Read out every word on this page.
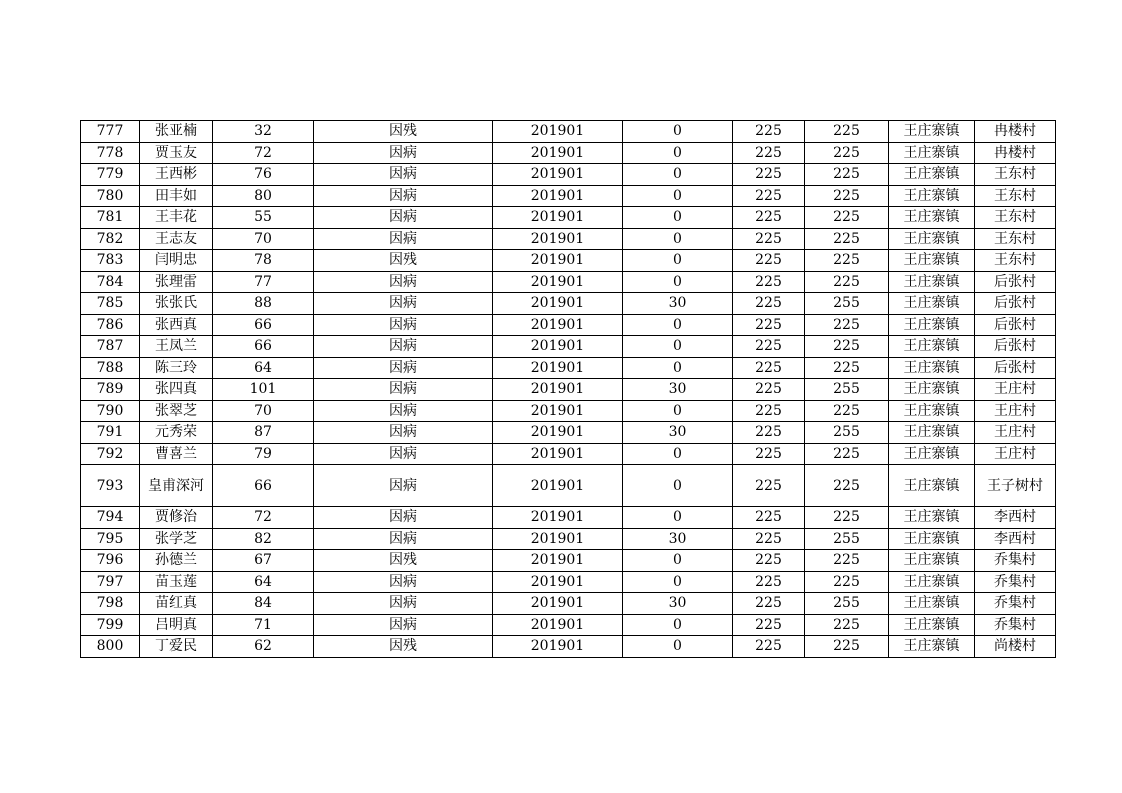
777	张亚楠	32	因残	201901	0	225	225	王庄寨镇	冉楼村
778	贾玉友	72	因病	201901	0	225	225	王庄寨镇	冉楼村
779	王西彬	76	因病	201901	0	225	225	王庄寨镇	王东村
780	田丰如	80	因病	201901	0	225	225	王庄寨镇	王东村
781	王丰花	55	因病	201901	0	225	225	王庄寨镇	王东村
782	王志友	70	因病	201901	0	225	225	王庄寨镇	王东村
783	闫明忠	78	因残	201901	0	225	225	王庄寨镇	王东村
784	张理雷	77	因病	201901	0	225	225	王庄寨镇	后张村
785	张张氏	88	因病	201901	30	225	255	王庄寨镇	后张村
786	张西真	66	因病	201901	0	225	225	王庄寨镇	后张村
787	王凤兰	66	因病	201901	0	225	225	王庄寨镇	后张村
788	陈三玲	64	因病	201901	0	225	225	王庄寨镇	后张村
789	张四真	101	因病	201901	30	225	255	王庄寨镇	王庄村
790	张翠芝	70	因病	201901	0	225	225	王庄寨镇	王庄村
791	元秀荣	87	因病	201901	30	225	255	王庄寨镇	王庄村
792	曹喜兰	79	因病	201901	0	225	225	王庄寨镇	王庄村
793	皇甫深河	66	因病	201901	0	225	225	王庄寨镇	王子树村
794	贾修治	72	因病	201901	0	225	225	王庄寨镇	李西村
795	张学芝	82	因病	201901	30	225	255	王庄寨镇	李西村
796	孙德兰	67	因残	201901	0	225	225	王庄寨镇	乔集村
797	苗玉莲	64	因病	201901	0	225	225	王庄寨镇	乔集村
798	苗红真	84	因病	201901	30	225	255	王庄寨镇	乔集村
799	吕明真	71	因病	201901	0	225	225	王庄寨镇	乔集村
800	丁爱民	62	因残	201901	0	225	225	王庄寨镇	尚楼村
